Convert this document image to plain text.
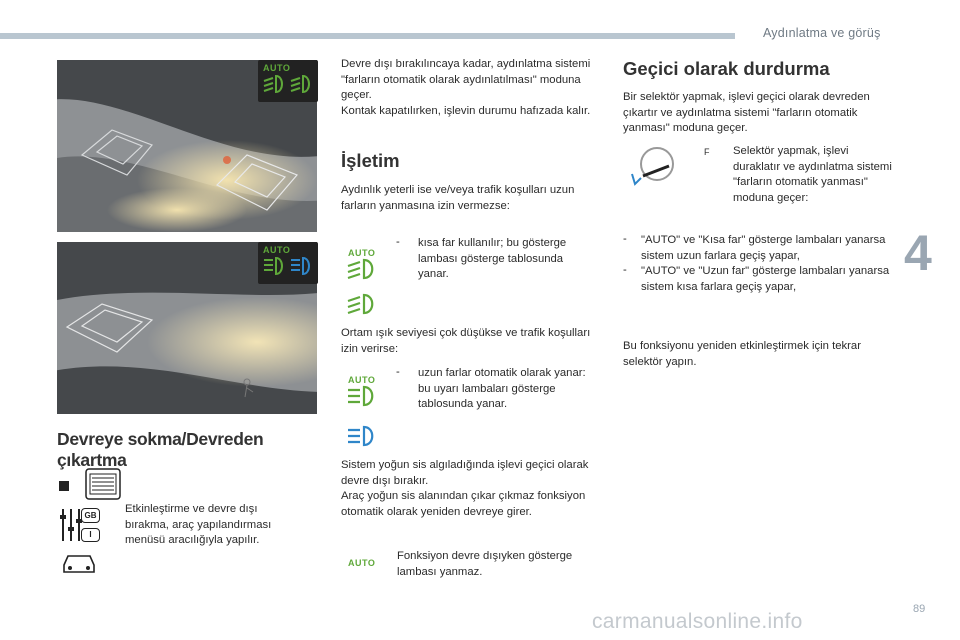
Aydınlatma ve görüş
4
AUTO
AUTO
Devreye sokma/Devreden çıkartma
GB
I
Etkinleştirme ve devre dışı bırakma, araç yapılandırması menüsü aracılığıyla yapılır.
Devre dışı bırakılıncaya kadar, aydınlatma sistemi "farların otomatik olarak aydınlatılması" moduna geçer.
Kontak kapatılırken, işlevin durumu hafızada kalır.
İşletim
Aydınlık yeterli ise ve/veya trafik koşulları uzun farların yanmasına izin vermezse:
AUTO
- kısa far kullanılır; bu gösterge lambası gösterge tablosunda yanar.
Ortam ışık seviyesi çok düşükse ve trafik koşulları izin verirse:
AUTO
- uzun farlar otomatik olarak yanar: bu uyarı lambaları gösterge tablosunda yanar.
Sistem yoğun sis algıladığında işlevi geçici olarak devre dışı bırakır.
Araç yoğun sis alanından çıkar çıkmaz fonksiyon otomatik olarak yeniden devreye girer.
AUTO
Fonksiyon devre dışıyken gösterge lambası yanmaz.
Geçici olarak durdurma
Bir selektör yapmak, işlevi geçici olarak devreden çıkartır ve aydınlatma sistemi "farların otomatik yanması" moduna geçer.
F Selektör yapmak, işlevi duraklatır ve aydınlatma sistemi "farların otomatik yanması" moduna geçer:
- "AUTO" ve "Kısa far" gösterge lambaları yanarsa sistem uzun farlara geçiş yapar,
- "AUTO" ve "Uzun far" gösterge lambaları yanarsa sistem kısa farlara geçiş yapar,
Bu fonksiyonu yeniden etkinleştirmek için tekrar selektör yapın.
carmanualsonline.info
89
